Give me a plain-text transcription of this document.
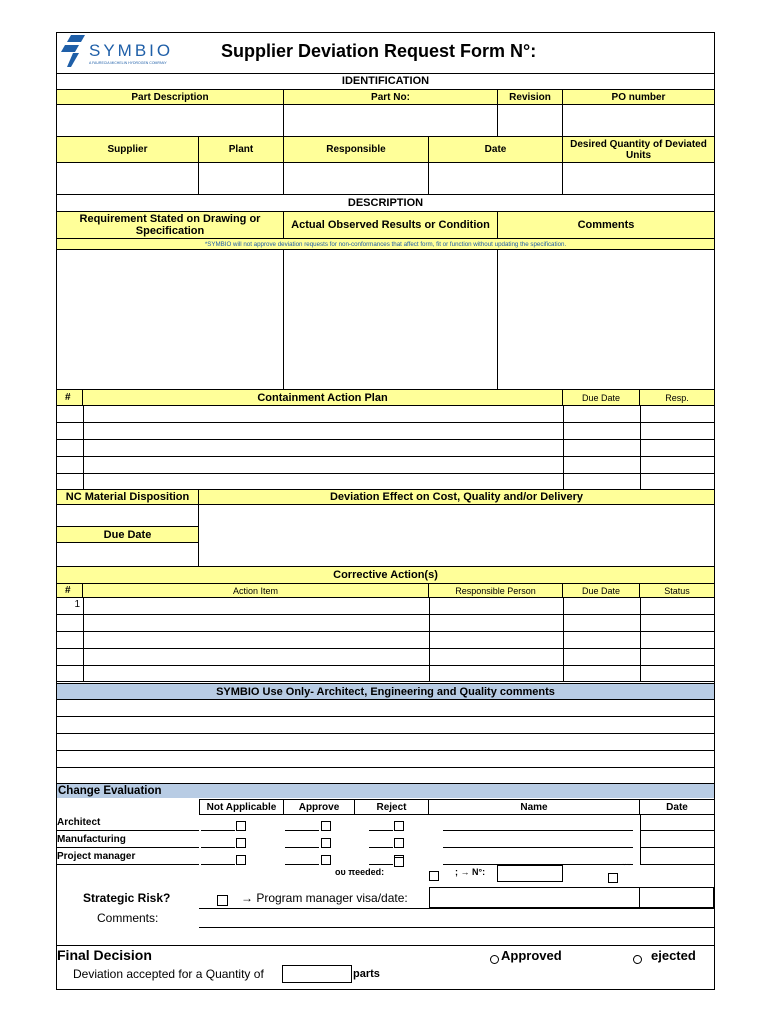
SYMBIO
A FAURECIA MICHELIN HYDROGEN COMPANY
Supplier Deviation Request Form N°:
IDENTIFICATION
Part Description	Part No:	Revision	PO number
Supplier	Plant	Responsible	Date	Desired Quantity of Deviated Units
DESCRIPTION
Requirement Stated on Drawing or Specification	Actual Observed Results or Condition	Comments
*SYMBIO will not approve deviation requests for non-conformances that affect form, fit or function without updating the specification.
#	Containment Action Plan	Due Date	Resp.
NC Material Disposition	Deviation Effect on Cost, Quality and/or Delivery
Due Date
Corrective Action(s)
#	Action Item	Responsible Person	Due Date	Status
1
SYMBIO Use Only- Architect, Engineering and Quality comments
Change Evaluation
Not Applicable	Approve	Reject	Name	Date
Architect
Manufacturing
Project manager
ου πeeded:	; → N°:	˘ ˘
Strategic Risk?	→ Program manager visa/date:
Comments:
Final Decision	Approved	ejected
Deviation accepted for a Quantity of	parts
